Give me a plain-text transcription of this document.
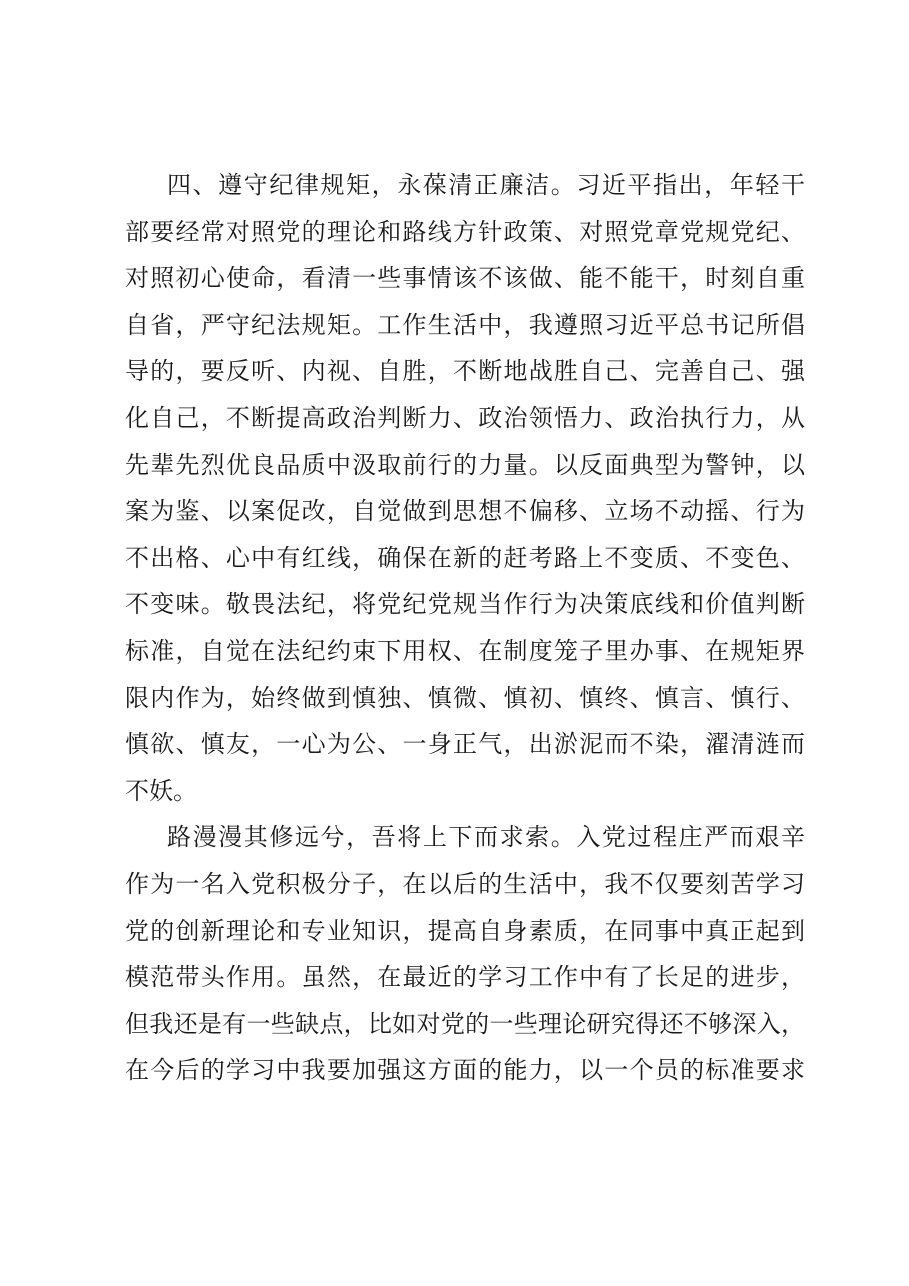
四、遵守纪律规矩，永葆清正廉洁。习近平指出，年轻干
部要经常对照党的理论和路线方针政策、对照党章党规党纪、
对照初心使命，看清一些事情该不该做、能不能干，时刻自重
自省，严守纪法规矩。工作生活中，我遵照习近平总书记所倡
导的，要反听、内视、自胜，不断地战胜自己、完善自己、强
化自己，不断提高政治判断力、政治领悟力、政治执行力，从
先辈先烈优良品质中汲取前行的力量。以反面典型为警钟，以
案为鉴、以案促改，自觉做到思想不偏移、立场不动摇、行为
不出格、心中有红线，确保在新的赶考路上不变质、不变色、
不变味。敬畏法纪，将党纪党规当作行为决策底线和价值判断
标准，自觉在法纪约束下用权、在制度笼子里办事、在规矩界
限内作为，始终做到慎独、慎微、慎初、慎终、慎言、慎行、
慎欲、慎友，一心为公、一身正气，出淤泥而不染，濯清涟而
不妖。
路漫漫其修远兮，吾将上下而求索。入党过程庄严而艰辛
作为一名入党积极分子，在以后的生活中，我不仅要刻苦学习
党的创新理论和专业知识，提高自身素质，在同事中真正起到
模范带头作用。虽然，在最近的学习工作中有了长足的进步，
但我还是有一些缺点，比如对党的一些理论研究得还不够深入，
在今后的学习中我要加强这方面的能力，以一个员的标准要求
